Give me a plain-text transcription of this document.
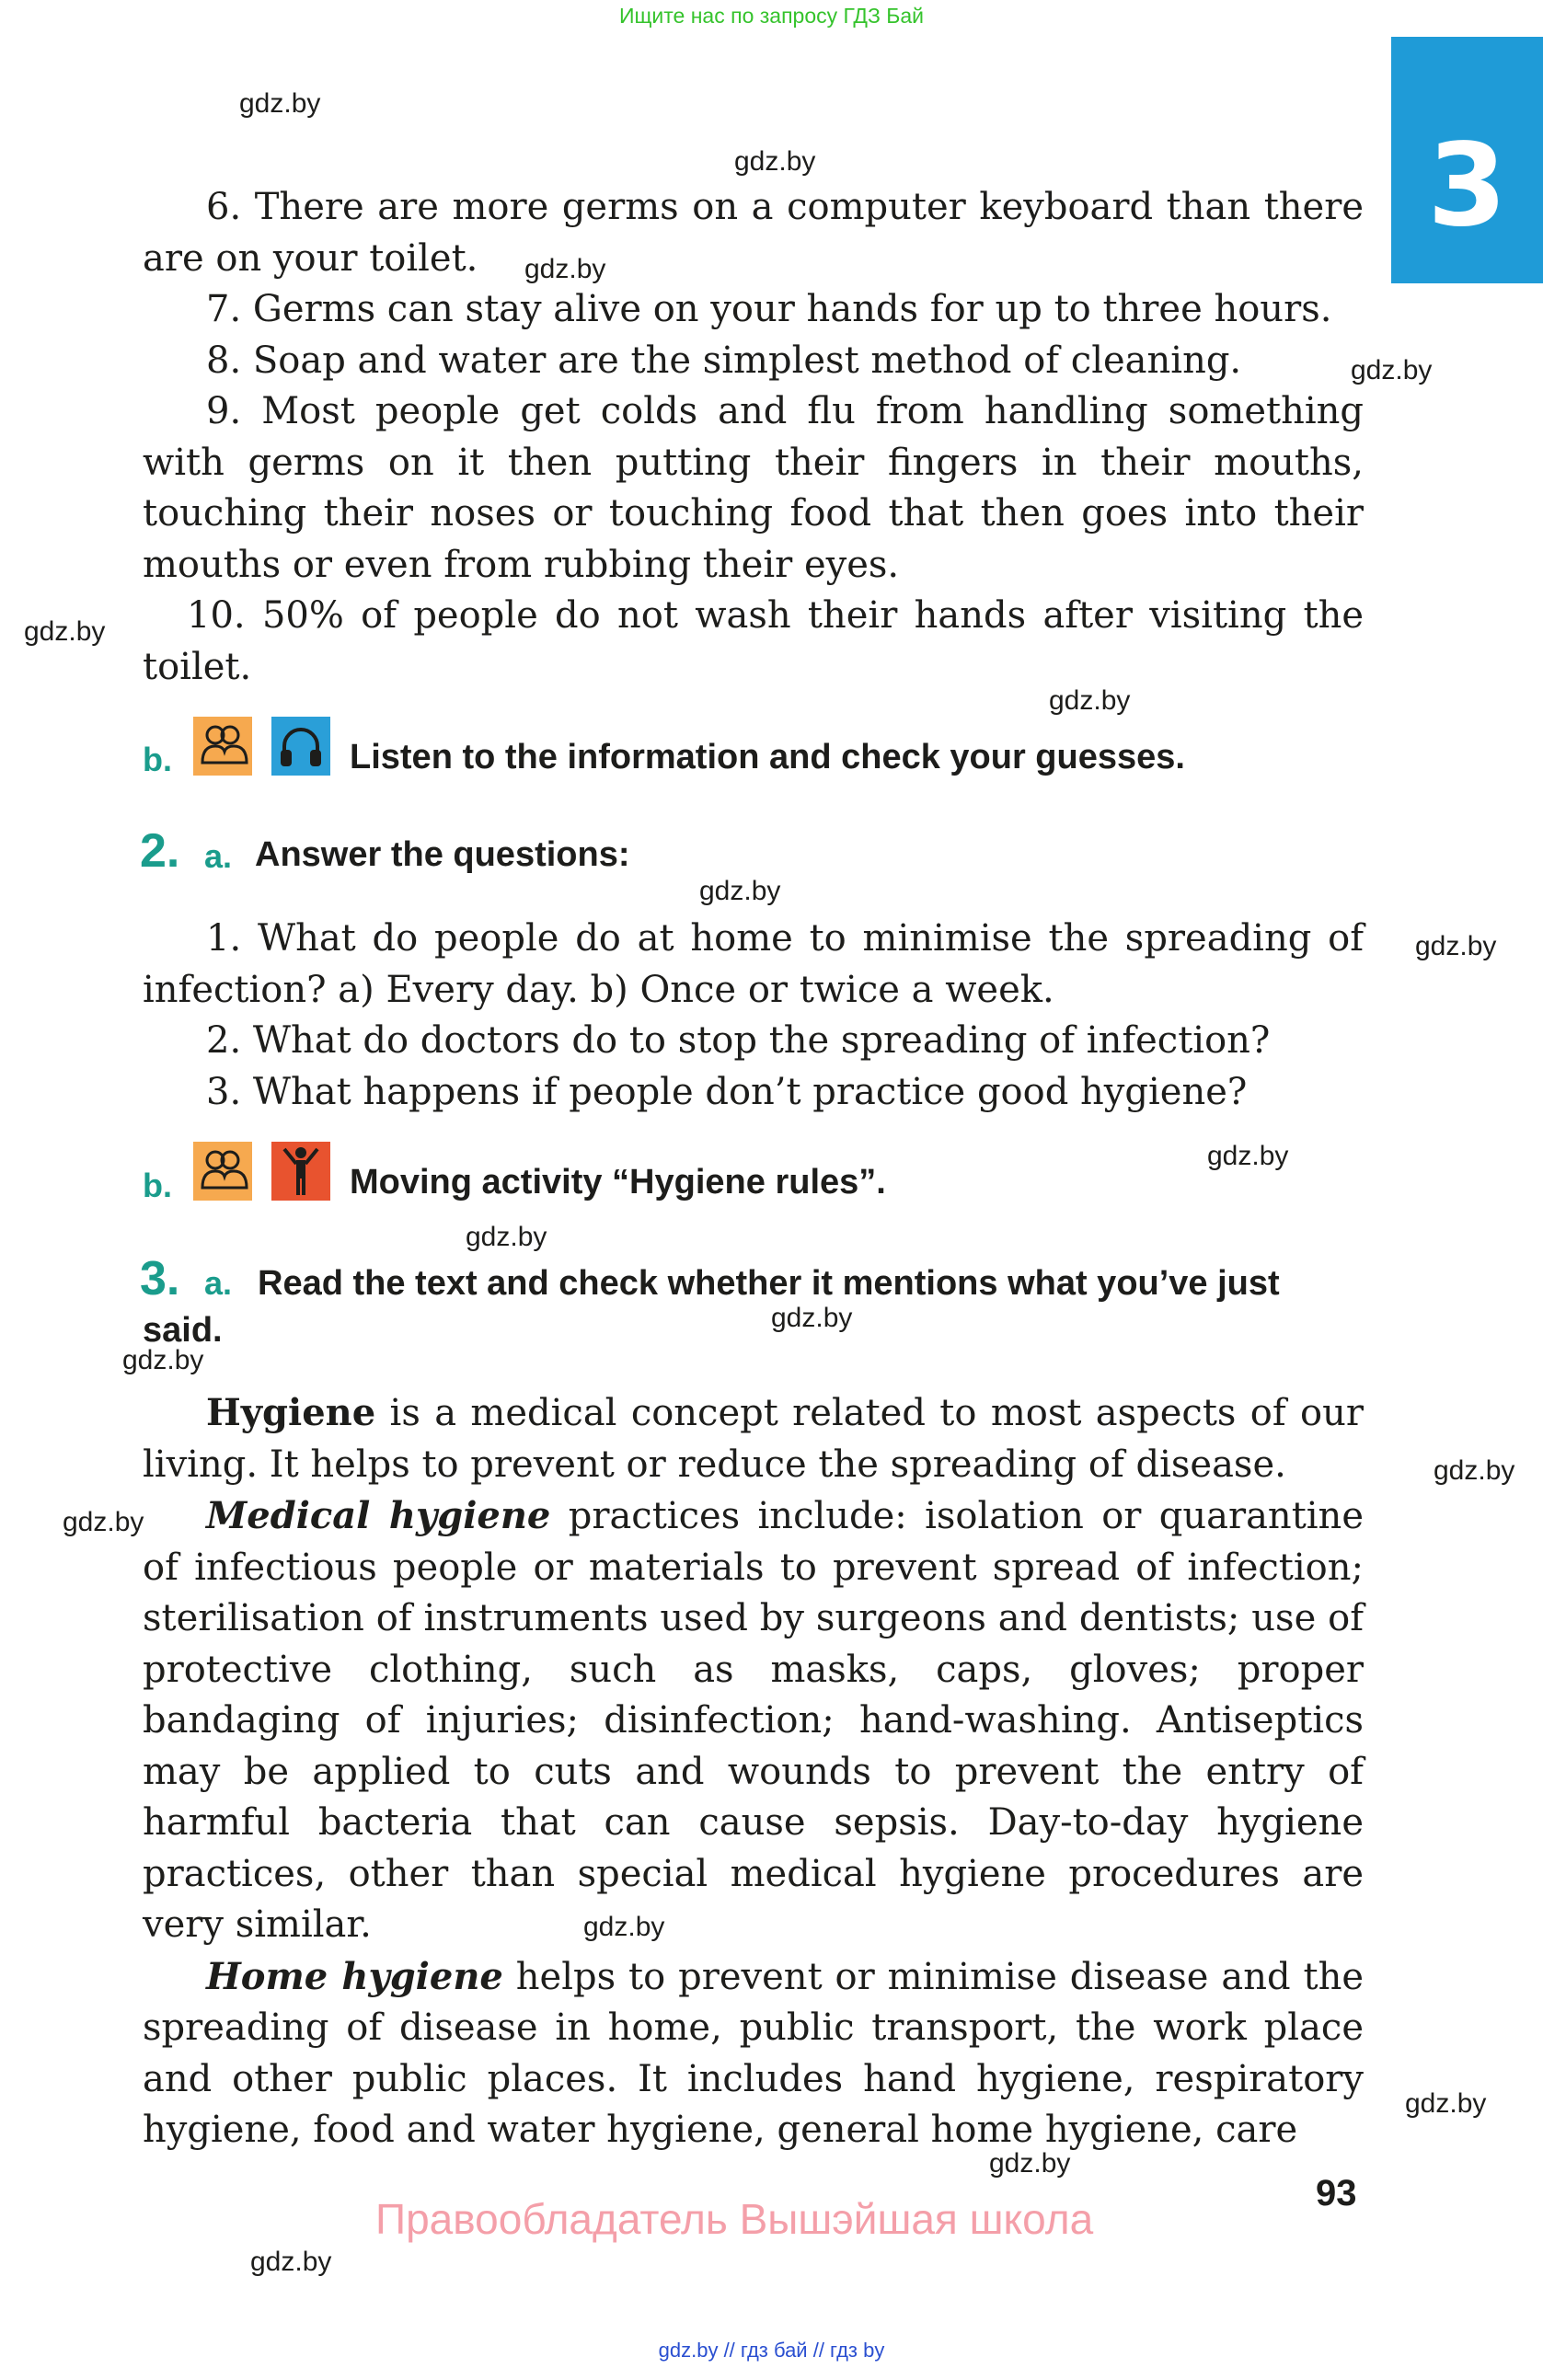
Ищите нас по запросу ГДЗ Бай
3
gdz.by
gdz.by
gdz.by
gdz.by
gdz.by
gdz.by
gdz.by
gdz.by
gdz.by
gdz.by
gdz.by
gdz.by
gdz.by
gdz.by
gdz.by
gdz.by
gdz.by
gdz.by

6. There are more germs on a computer keyboard than there are on your toilet.

7. Germs can stay alive on your hands for up to three hours.

8. Soap and water are the simplest method of cleaning.

9. Most people get colds and flu from handling something with germs on it then putting their fingers in their mouths, touching their noses or touching food that then goes into their mouths or even from rubbing their eyes.

10. 50% of people do not wash their hands after visiting the toilet.

b.	Listen to the information and check your guesses.
2. a. Answer the questions:

1. What do people do at home to minimise the spreading of infection? a) Every day. b) Once or twice a week.

2. What do doctors do to stop the spreading of infection?

3. What happens if people don’t practice good hygiene?

b.	Moving activity “Hygiene rules”.
3. a. Read the text and check whether it mentions what you’ve just said.

Hygiene is a medical concept related to most aspects of our living. It helps to prevent or reduce the spreading of disease.

Medical hygiene practices include: isolation or quarantine of infectious people or materials to prevent spread of infection; sterilisation of instruments used by surgeons and dentists; use of protective clothing, such as masks, caps, gloves; proper bandaging of injuries; disinfection; hand-washing. Antiseptics may be applied to cuts and wounds to prevent the entry of harmful bacteria that can cause sepsis. Day-to-day hygiene practices, other than special medical hygiene procedures are very similar.

Home hygiene helps to prevent or minimise disease and the spreading of disease in home, public transport, the work place and other public places. It includes hand hygiene, respiratory hygiene, food and water hygiene, general home hygiene, care

93
Правообладатель Вышэйшая школа
gdz.by // гдз бай // гдз by
